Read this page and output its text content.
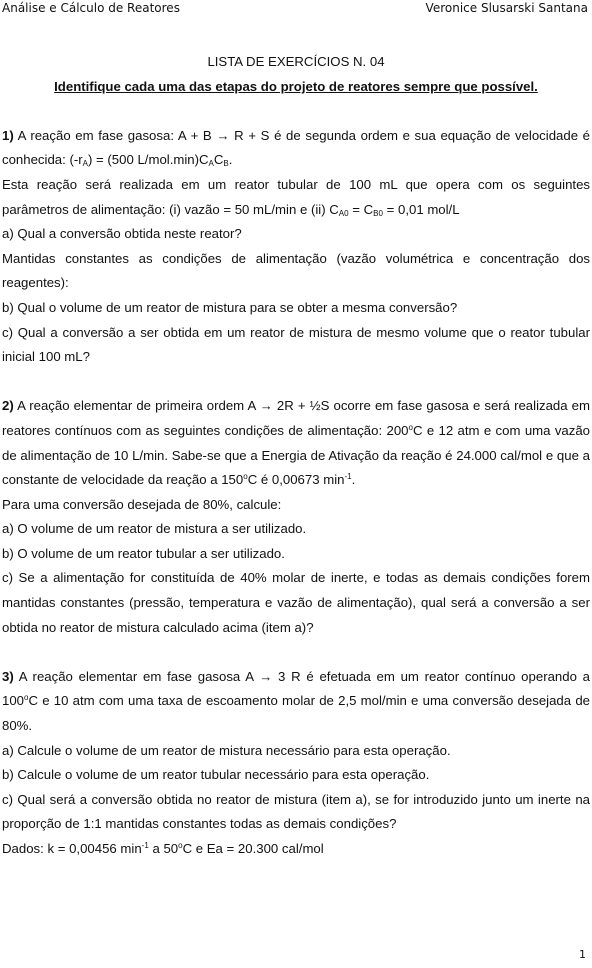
Análise e Cálculo de Reatores	Veronice Slusarski Santana

LISTA DE EXERCÍCIOS N. 04

Identifique cada uma das etapas do projeto de reatores sempre que possível.

1) A reação em fase gasosa: A + B → R + S é de segunda ordem e sua equação de velocidade é conhecida: $(-r_A) = (500$ $L/mol.\min)C_AC_B$.

Esta reação será realizada em um reator tubular de 100 mL que opera com os seguintes parâmetros de alimentação: (i) vazão = 50 mL/min e (ii) $C_{A0} = C_{B0} = 0,01$ mol/L

a) Qual a conversão obtida neste reator?

Mantidas constantes as condições de alimentação (vazão volumétrica e concentração dos reagentes):

b) Qual o volume de um reator de mistura para se obter a mesma conversão?

c) Qual a conversão a ser obtida em um reator de mistura de mesmo volume que o reator tubular inicial 100 mL?

2) A reação elementar de primeira ordem A → 2R + ½S ocorre em fase gasosa e será realizada em reatores contínuos com as seguintes condições de alimentação: 200$^o$C e 12 atm e com uma vazão de alimentação de 10 L/min. Sabe-se que a Energia de Ativação da reação é 24.000 cal/mol e que a constante de velocidade da reação a 150$^o$C é 0,00673 $\min^{-1}$.

Para uma conversão desejada de 80%, calcule:

a) O volume de um reator de mistura a ser utilizado.

b) O volume de um reator tubular a ser utilizado.

c) Se a alimentação for constituída de 40% molar de inerte, e todas as demais condições forem mantidas constantes (pressão, temperatura e vazão de alimentação), qual será a conversão a ser obtida no reator de mistura calculado acima (item a)?

3) A reação elementar em fase gasosa A → 3 R é efetuada em um reator contínuo operando a 100$^o$C e 10 atm com uma taxa de escoamento molar de 2,5 mol/min e uma conversão desejada de 80%.

a) Calcule o volume de um reator de mistura necessário para esta operação.

b) Calcule o volume de um reator tubular necessário para esta operação.

c) Qual será a conversão obtida no reator de mistura (item a), se for introduzido junto um inerte na proporção de 1:1 mantidas constantes todas as demais condições?

Dados: k = 0,00456 $\min^{-1} a$ 50$^o$C e Ea = 20.300 cal/mol

1
